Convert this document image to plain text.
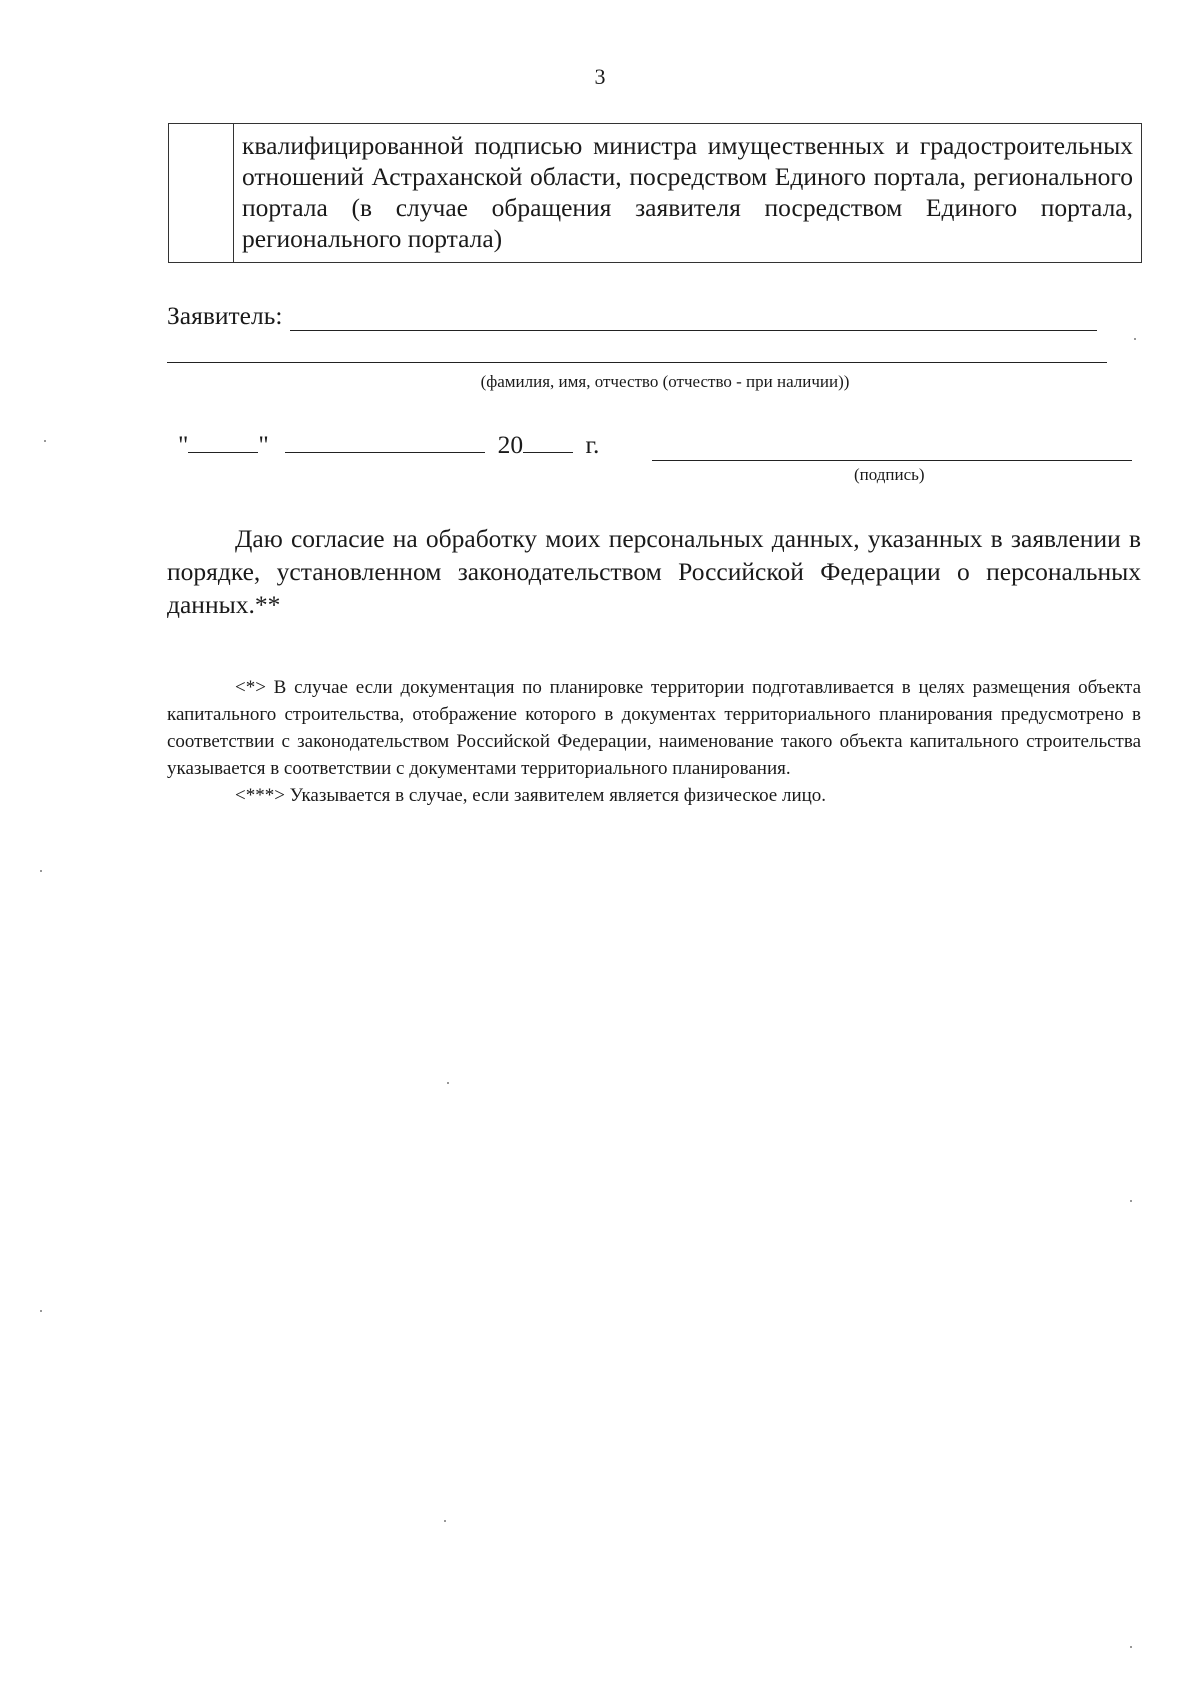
3
квалифицированной подписью министра имущественных и градостроительных отношений Астраханской области, посредством Единого портала, регионального портала (в случае обращения заявителя посредством Единого портала, регионального портала)
Заявитель:
(фамилия, имя, отчество (отчество - при наличии))
"	"	20 г.
(подпись)

Даю согласие на обработку моих персональных данных, указанных в заявлении в порядке, установленном законодательством Российской Федерации о персональных данных.**

<*> В случае если документация по планировке территории подготавливается в целях размещения объекта капитального строительства, отображение которого в документах территориального планирования предусмотрено в соответствии с законодательством Российской Федерации, наименование такого объекта капитального строительства указывается в соответствии с документами территориального планирования.

<***> Указывается в случае, если заявителем является физическое лицо.
